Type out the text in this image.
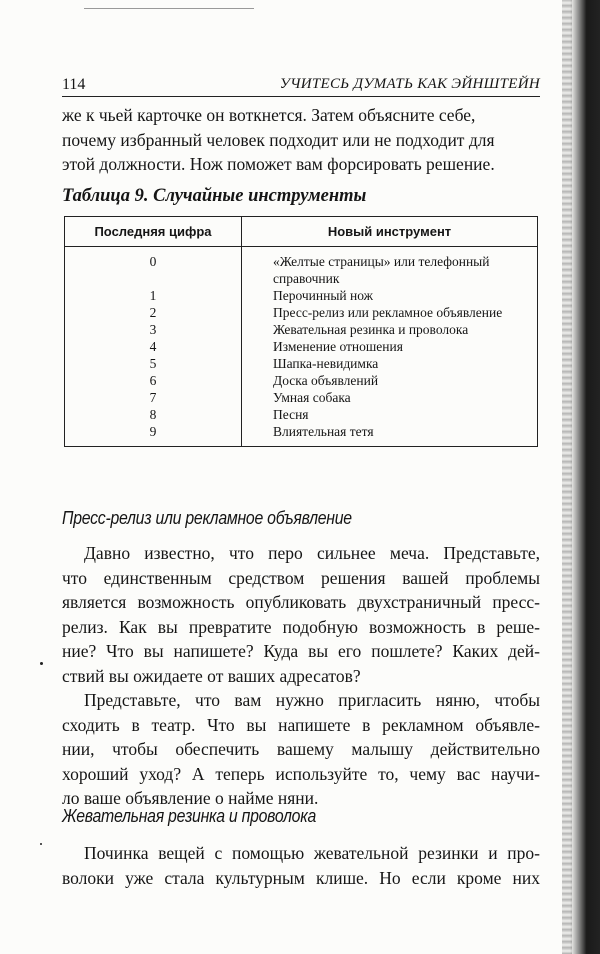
114	УЧИТЕСЬ ДУМАТЬ КАК ЭЙНШТЕЙН
же к чьей карточке он воткнется. Затем объясните себе,
почему избранный человек подходит или не подходит для
этой должности. Нож поможет вам форсировать решение.
Таблица 9. Случайные инструменты
Последняя цифра	Новый инструмент
0	«Желтые страницы» или телефонный справочник
1	Перочинный нож
2	Пресс-релиз или рекламное объявление
3	Жевательная резинка и проволока
4	Изменение отношения
5	Шапка-невидимка
6	Доска объявлений
7	Умная собака
8	Песня
9	Влиятельная тетя
Пресс-релиз или рекламное объявление
Давно известно, что перо сильнее меча. Представьте,
что единственным средством решения вашей проблемы
является возможность опубликовать двухстраничный пресс-
релиз. Как вы превратите подобную возможность в реше-
ние? Что вы напишете? Куда вы его пошлете? Каких дей-
ствий вы ожидаете от ваших адресатов?
Представьте, что вам нужно пригласить няню, чтобы
сходить в театр. Что вы напишете в рекламном объявле-
нии, чтобы обеспечить вашему малышу действительно
хороший уход? А теперь используйте то, чему вас научи-
ло ваше объявление о найме няни.
Жевательная резинка и проволока
Починка вещей с помощью жевательной резинки и про-
волоки уже стала культурным клише. Но если кроме них
